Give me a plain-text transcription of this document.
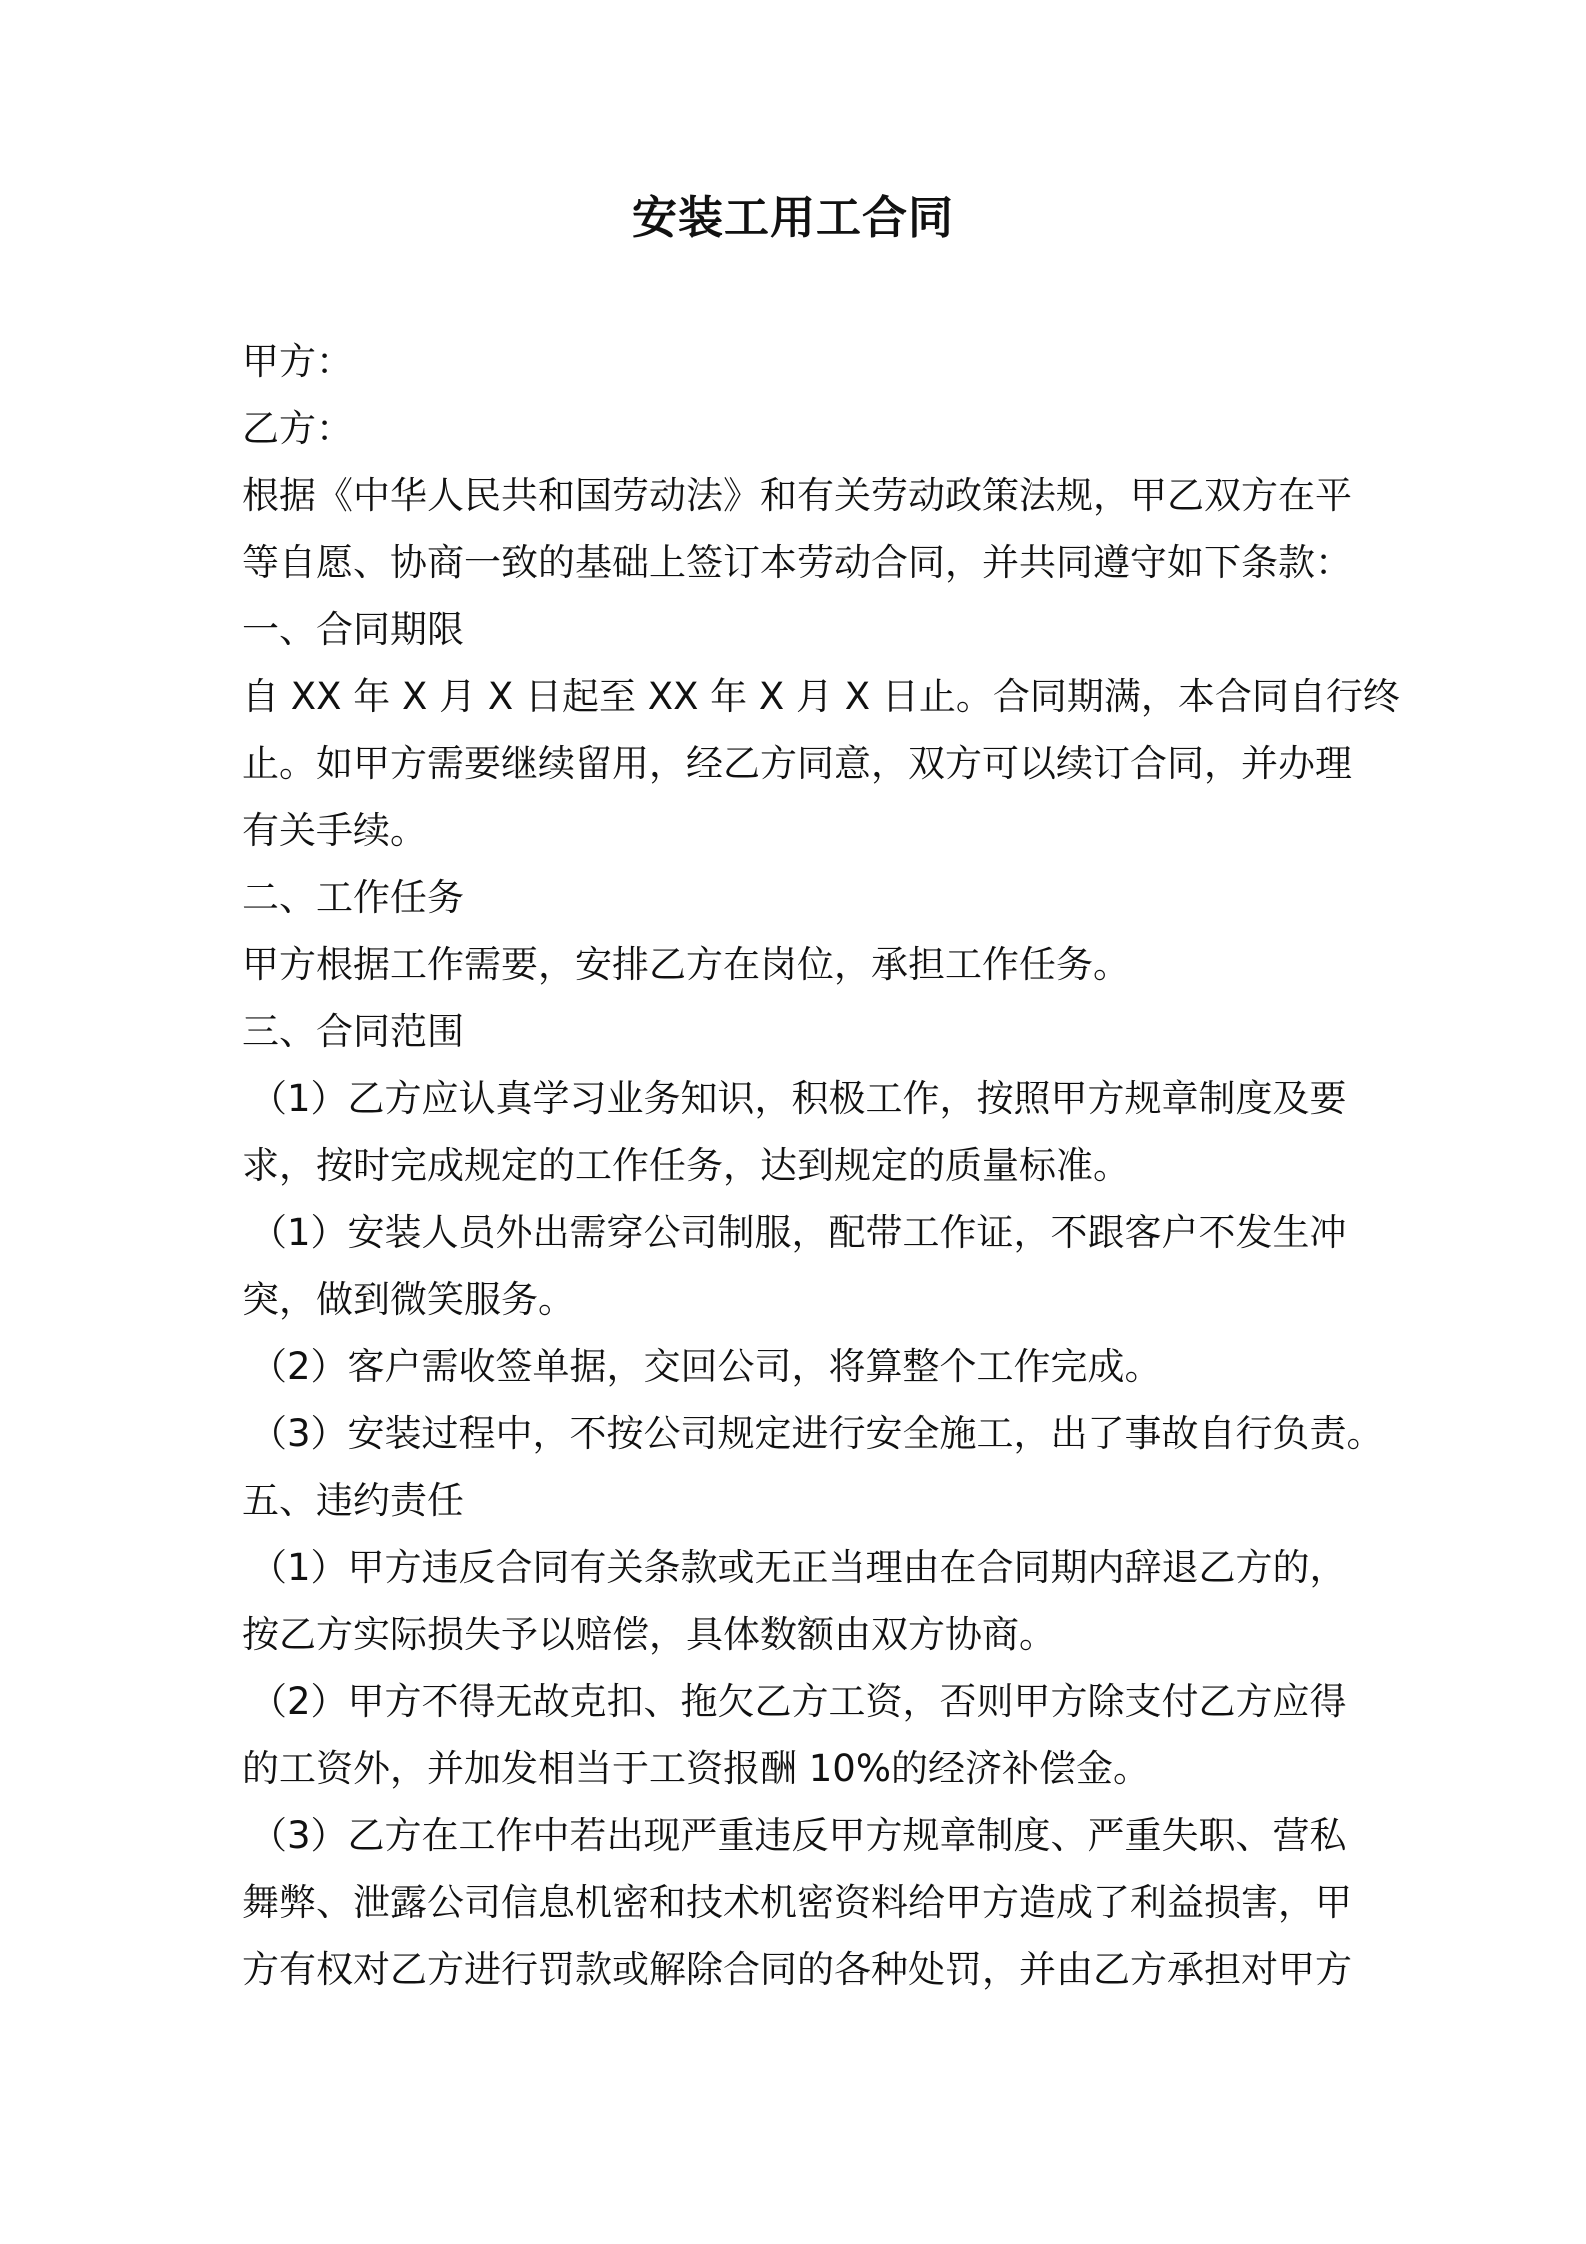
安装工用工合同
甲方：
乙方：
根据《中华人民共和国劳动法》和有关劳动政策法规，甲乙双方在平
等自愿、协商一致的基础上签订本劳动合同，并共同遵守如下条款：
一、合同期限
自 XX 年 X 月 X 日起至 XX 年 X 月 X 日止。合同期满，本合同自行终
止。如甲方需要继续留用，经乙方同意，双方可以续订合同，并办理
有关手续。
二、工作任务
甲方根据工作需要，安排乙方在岗位，承担工作任务。
三、合同范围
（1）乙方应认真学习业务知识，积极工作，按照甲方规章制度及要
求，按时完成规定的工作任务，达到规定的质量标准。
（1）安装人员外出需穿公司制服，配带工作证，不跟客户不发生冲
突，做到微笑服务。
（2）客户需收签单据，交回公司，将算整个工作完成。
（3）安装过程中，不按公司规定进行安全施工，出了事故自行负责。
五、违约责任
（1）甲方违反合同有关条款或无正当理由在合同期内辞退乙方的，
按乙方实际损失予以赔偿，具体数额由双方协商。
（2）甲方不得无故克扣、拖欠乙方工资，否则甲方除支付乙方应得
的工资外，并加发相当于工资报酬 10%的经济补偿金。
（3）乙方在工作中若出现严重违反甲方规章制度、严重失职、营私
舞弊、泄露公司信息机密和技术机密资料给甲方造成了利益损害，甲
方有权对乙方进行罚款或解除合同的各种处罚，并由乙方承担对甲方
